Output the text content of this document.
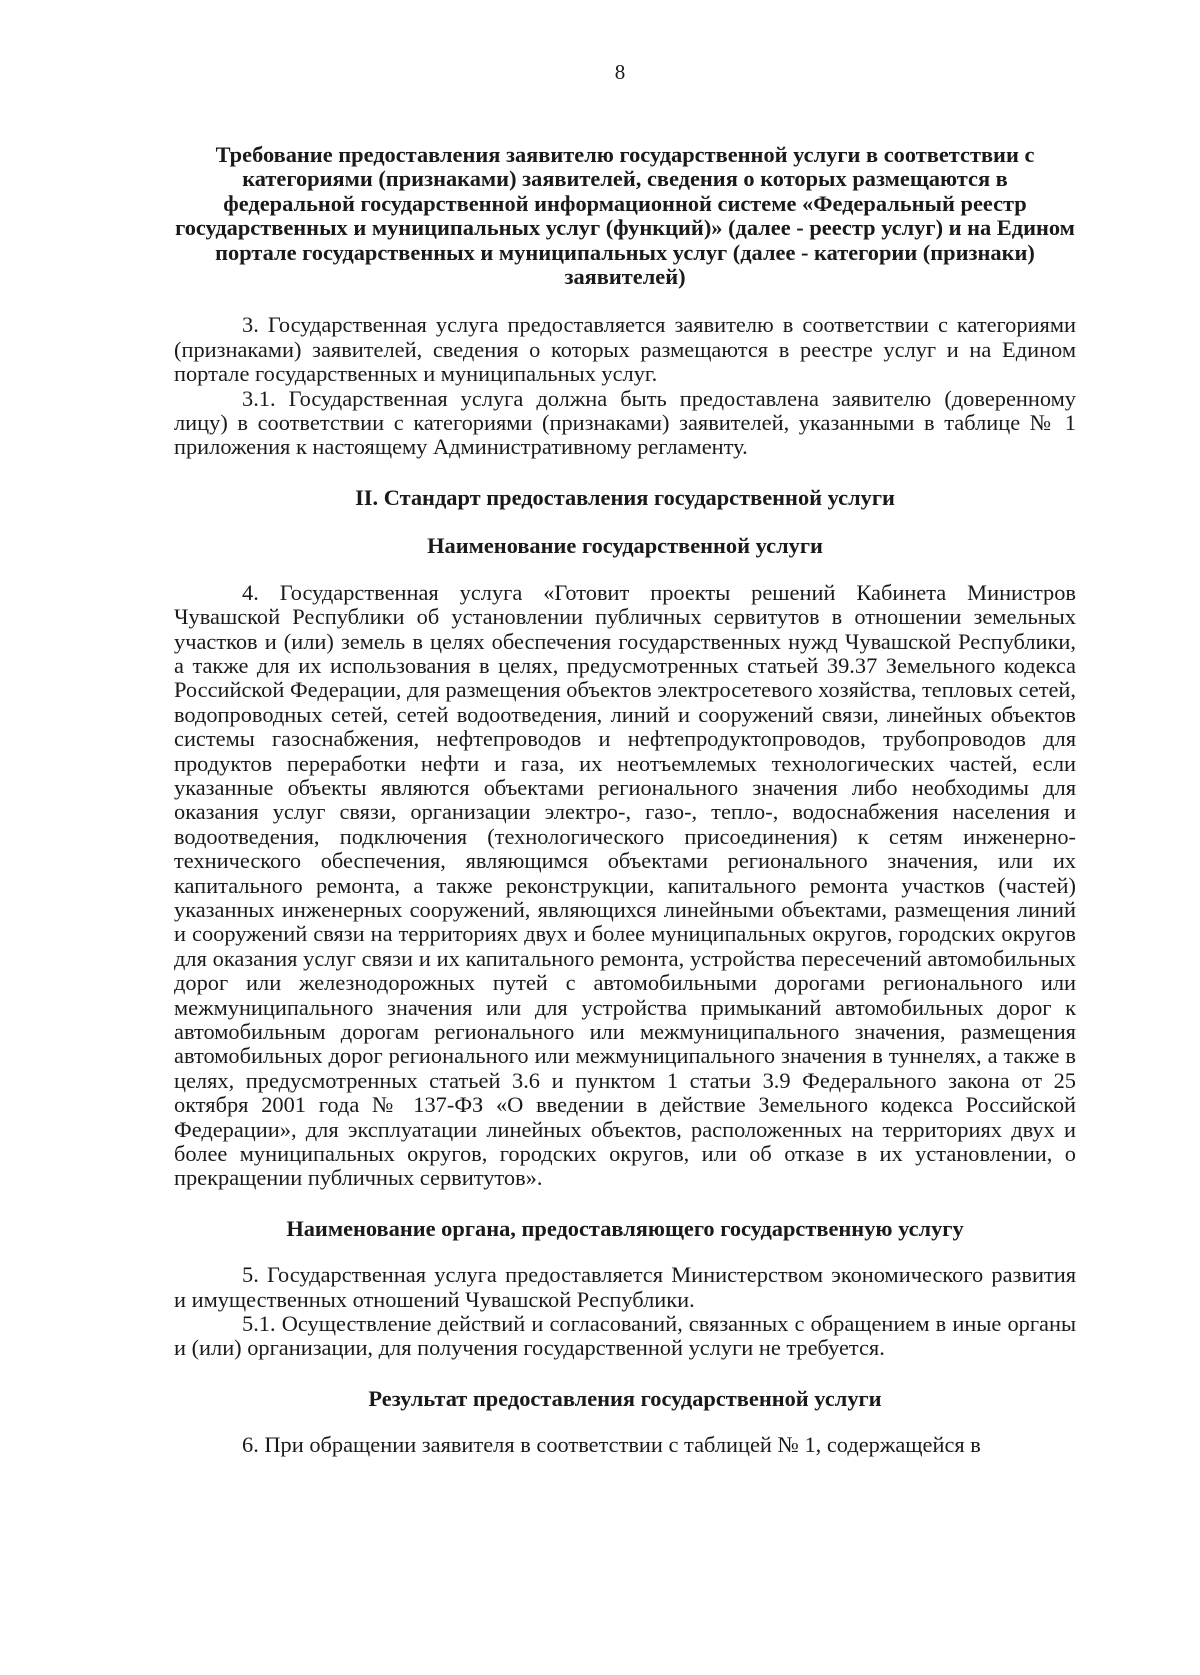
8

Требование предоставления заявителю государственной услуги в соответствии с категориями (признаками) заявителей, сведения о которых размещаются в федеральной государственной информационной системе «Федеральный реестр государственных и муниципальных услуг (функций)» (далее - реестр услуг) и на Едином портале государственных и муниципальных услуг (далее - категории (признаки) заявителей)

3. Государственная услуга предоставляется заявителю в соответствии с категориями (признаками) заявителей, сведения о которых размещаются в реестре услуг и на Едином портале государственных и муниципальных услуг.

3.1. Государственная услуга должна быть предоставлена заявителю (доверенному лицу) в соответствии с категориями (признаками) заявителей, указанными в таблице № 1 приложения к настоящему Административному регламенту.

II. Стандарт предоставления государственной услуги
Наименование государственной услуги

4. Государственная услуга «Готовит проекты решений Кабинета Министров Чувашской Республики об установлении публичных сервитутов в отношении земельных участков и (или) земель в целях обеспечения государственных нужд Чувашской Республики, а также для их использования в целях, предусмотренных статьей 39.37 Земельного кодекса Российской Федерации, для размещения объектов электросетевого хозяйства, тепловых сетей, водопроводных сетей, сетей водоотведения, линий и сооружений связи, линейных объектов системы газоснабжения, нефтепроводов и нефтепродуктопроводов, трубопроводов для продуктов переработки нефти и газа, их неотъемлемых технологических частей, если указанные объекты являются объектами регионального значения либо необходимы для оказания услуг связи, организации электро-, газо-, тепло-, водоснабжения населения и водоотведения, подключения (технологического присоединения) к сетям инженерно-технического обеспечения, являющимся объектами регионального значения, или их капитального ремонта, а также реконструкции, капитального ремонта участков (частей) указанных инженерных сооружений, являющихся линейными объектами, размещения линий и сооружений связи на территориях двух и более муниципальных округов, городских округов для оказания услуг связи и их капитального ремонта, устройства пересечений автомобильных дорог или железнодорожных путей с автомобильными дорогами регионального или межмуниципального значения или для устройства примыканий автомобильных дорог к автомобильным дорогам регионального или межмуниципального значения, размещения автомобильных дорог регионального или межмуниципального значения в туннелях, а также в целях, предусмотренных статьей 3.6 и пунктом 1 статьи 3.9 Федерального закона от 25 октября 2001 года № 137-ФЗ «О введении в действие Земельного кодекса Российской Федерации», для эксплуатации линейных объектов, расположенных на территориях двух и более муниципальных округов, городских округов, или об отказе в их установлении, о прекращении публичных сервитутов».

Наименование органа, предоставляющего государственную услугу

5. Государственная услуга предоставляется Министерством экономического развития и имущественных отношений Чувашской Республики.

5.1. Осуществление действий и согласований, связанных с обращением в иные органы и (или) организации, для получения государственной услуги не требуется.

Результат предоставления государственной услуги

6. При обращении заявителя в соответствии с таблицей № 1, содержащейся в
